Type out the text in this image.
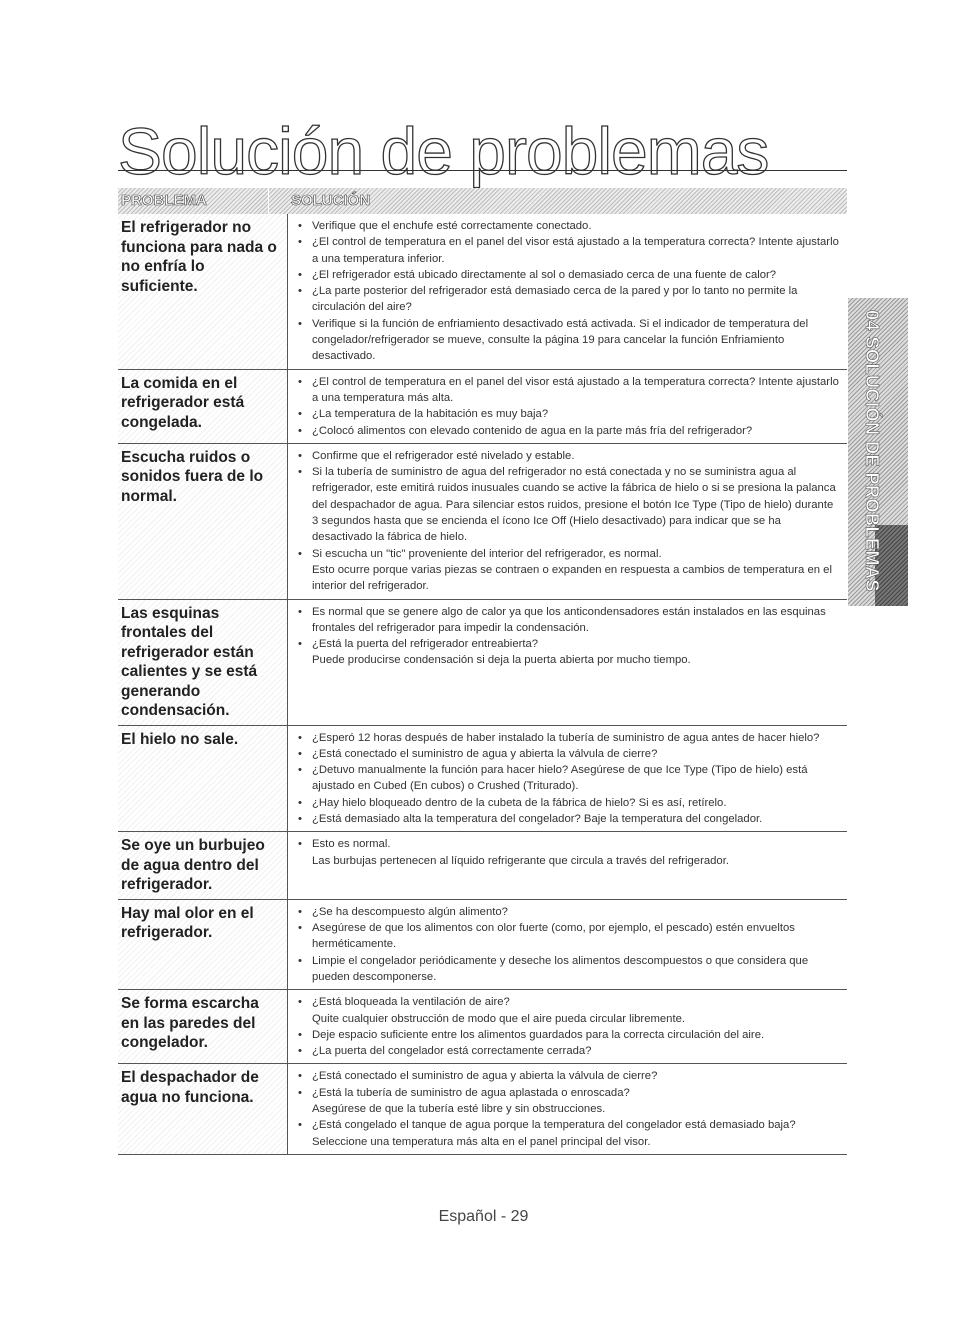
Solución de problemas
PROBLEMA	SOLUCIÓN
El refrigerador no funciona para nada o no enfría lo suficiente.
• Verifique que el enchufe esté correctamente conectado.
• ¿El control de temperatura en el panel del visor está ajustado a la temperatura correcta? Intente ajustarlo a una temperatura inferior.
• ¿El refrigerador está ubicado directamente al sol o demasiado cerca de una fuente de calor?
• ¿La parte posterior del refrigerador está demasiado cerca de la pared y por lo tanto no permite la circulación del aire?
• Verifique si la función de enfriamiento desactivado está activada. Si el indicador de temperatura del congelador/refrigerador se mueve, consulte la página 19 para cancelar la función Enfriamiento desactivado.
La comida en el refrigerador está congelada.
• ¿El control de temperatura en el panel del visor está ajustado a la temperatura correcta? Intente ajustarlo a una temperatura más alta.
• ¿La temperatura de la habitación es muy baja?
• ¿Colocó alimentos con elevado contenido de agua en la parte más fría del refrigerador?
Escucha ruidos o sonidos fuera de lo normal.
• Confirme que el refrigerador esté nivelado y estable.
• Si la tubería de suministro de agua del refrigerador no está conectada y no se suministra agua al refrigerador, este emitirá ruidos inusuales cuando se active la fábrica de hielo o si se presiona la palanca del despachador de agua. Para silenciar estos ruidos, presione el botón Ice Type (Tipo de hielo) durante 3 segundos hasta que se encienda el ícono Ice Off (Hielo desactivado) para indicar que se ha desactivado la fábrica de hielo.
• Si escucha un "tic" proveniente del interior del refrigerador, es normal.
Esto ocurre porque varias piezas se contraen o expanden en respuesta a cambios de temperatura en el interior del refrigerador.
Las esquinas frontales del refrigerador están calientes y se está generando condensación.
• Es normal que se genere algo de calor ya que los anticondensadores están instalados en las esquinas frontales del refrigerador para impedir la condensación.
• ¿Está la puerta del refrigerador entreabierta?
Puede producirse condensación si deja la puerta abierta por mucho tiempo.
El hielo no sale.
•	¿Esperó 12 horas después de haber instalado la tubería de suministro de agua antes de hacer hielo?
• ¿Está conectado el suministro de agua y abierta la válvula de cierre?
• ¿Detuvo manualmente la función para hacer hielo? Asegúrese de que Ice Type (Tipo de hielo) está ajustado en Cubed (En cubos) o Crushed (Triturado).
• ¿Hay hielo bloqueado dentro de la cubeta de la fábrica de hielo? Si es así, retírelo.
• ¿Está demasiado alta la temperatura del congelador? Baje la temperatura del congelador.
Se oye un burbujeo de agua dentro del refrigerador.
• Esto es normal.
Las burbujas pertenecen al líquido refrigerante que circula a través del refrigerador.
Hay mal olor en el refrigerador.
• ¿Se ha descompuesto algún alimento?
• Asegúrese de que los alimentos con olor fuerte (como, por ejemplo, el pescado) estén envueltos herméticamente.
• Limpie el congelador periódicamente y deseche los alimentos descompuestos o que considera que pueden descomponerse.
Se forma escarcha en las paredes del congelador.
• ¿Está bloqueada la ventilación de aire?
Quite cualquier obstrucción de modo que el aire pueda circular libremente.
• Deje espacio suficiente entre los alimentos guardados para la correcta circulación del aire.
• ¿La puerta del congelador está correctamente cerrada?
El despachador de agua no funciona.
• ¿Está conectado el suministro de agua y abierta la válvula de cierre?
• ¿Está la tubería de suministro de agua aplastada o enroscada?
Asegúrese de que la tubería esté libre y sin obstrucciones.
• ¿Está congelado el tanque de agua porque la temperatura del congelador está demasiado baja? Seleccione una temperatura más alta en el panel principal del visor.
04 SOLUCIÓN DE PROBLEMAS
Español - 29
